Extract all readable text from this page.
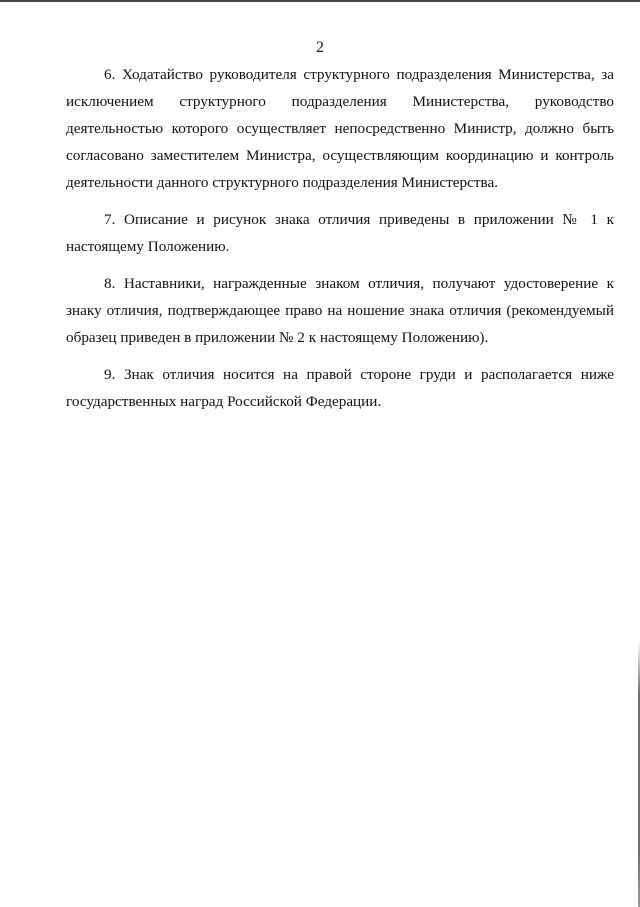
2

6. Ходатайство руководителя структурного подразделения Министерства, за исключением структурного подразделения Министерства, руководство деятельностью которого осуществляет непосредственно Министр, должно быть согласовано заместителем Министра, осуществляющим координацию и контроль деятельности данного структурного подразделения Министерства.

7. Описание и рисунок знака отличия приведены в приложении № 1 к настоящему Положению.

8. Наставники, награжденные знаком отличия, получают удостоверение к знаку отличия, подтверждающее право на ношение знака отличия (рекомендуемый образец приведен в приложении № 2 к настоящему Положению).

9. Знак отличия носится на правой стороне груди и располагается ниже государственных наград Российской Федерации.
